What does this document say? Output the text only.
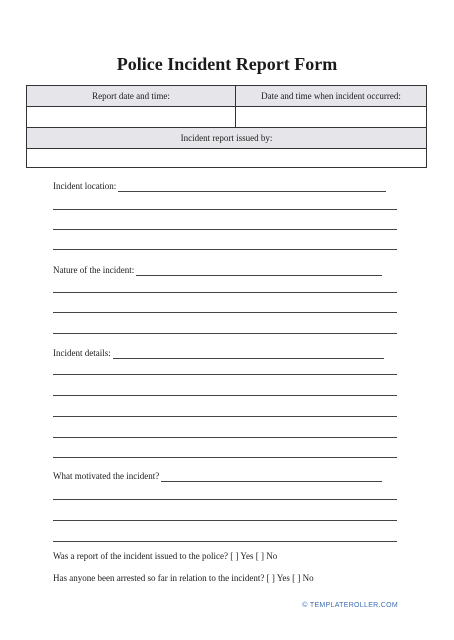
Police Incident Report Form
Report date and time:	Date and time when incident occurred:

Incident report issued by:	

Incident location:
Nature of the incident:
Incident details:
What motivated the incident?
Was a report of the incident issued to the police? [ ] Yes [ ] No
Has anyone been arrested so far in relation to the incident? [ ] Yes [ ] No
© TEMPLATEROLLER.COM
